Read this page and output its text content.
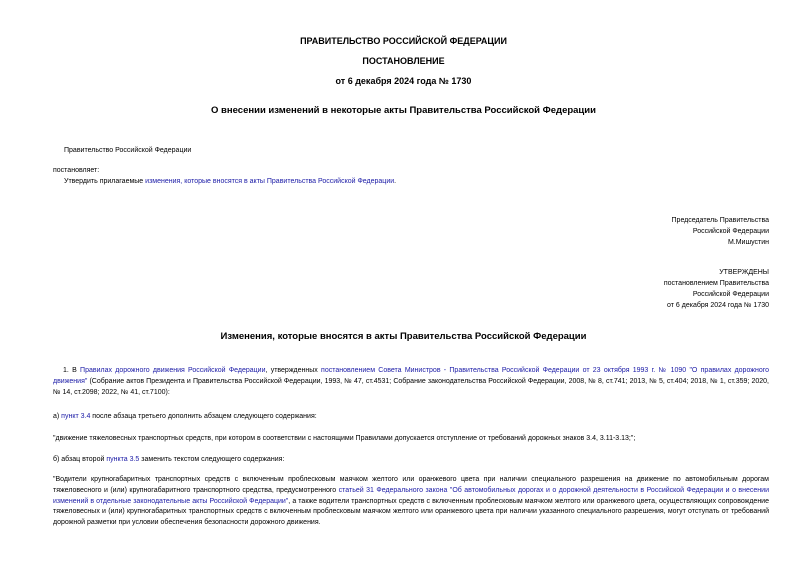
ПРАВИТЕЛЬСТВО РОССИЙСКОЙ ФЕДЕРАЦИИ
ПОСТАНОВЛЕНИЕ
от 6 декабря 2024 года № 1730
О внесении изменений в некоторые акты Правительства Российской Федерации
Правительство Российской Федерации
постановляет:
Утвердить прилагаемые изменения, которые вносятся в акты Правительства Российской Федерации.
Председатель Правительства
Российской Федерации
М.Мишустин
УТВЕРЖДЕНЫ
постановлением Правительства
Российской Федерации
от 6 декабря 2024 года № 1730
Изменения, которые вносятся в акты Правительства Российской Федерации
1. В Правилах дорожного движения Российской Федерации, утвержденных постановлением Совета Министров - Правительства Российской Федерации от 23 октября 1993 г. № 1090 "О правилах дорожного движения" (Собрание актов Президента и Правительства Российской Федерации, 1993, № 47, ст.4531; Собрание законодательства Российской Федерации, 2008, № 8, ст.741; 2013, № 5, ст.404; 2018, № 1, ст.359; 2020, № 14, ст.2098; 2022, № 41, ст.7100):
а) пункт 3.4 после абзаца третьего дополнить абзацем следующего содержания:
"движение тяжеловесных транспортных средств, при котором в соответствии с настоящими Правилами допускается отступление от требований дорожных знаков 3.4, 3.11-3.13;";
б) абзац второй пункта 3.5 заменить текстом следующего содержания:
"Водители крупногабаритных транспортных средств с включенным проблесковым маячком желтого или оранжевого цвета при наличии специального разрешения на движение по автомобильным дорогам тяжеловесного и (или) крупногабаритного транспортного средства, предусмотренного статьей 31 Федерального закона "Об автомобильных дорогах и о дорожной деятельности в Российской Федерации и о внесении изменений в отдельные законодательные акты Российской Федерации", а также водители транспортных средств с включенным проблесковым маячком желтого или оранжевого цвета, осуществляющих сопровождение тяжеловесных и (или) крупногабаритных транспортных средств с включенным проблесковым маячком желтого или оранжевого цвета при наличии указанного специального разрешения, могут отступать от требований дорожной разметки при условии обеспечения безопасности дорожного движения.
